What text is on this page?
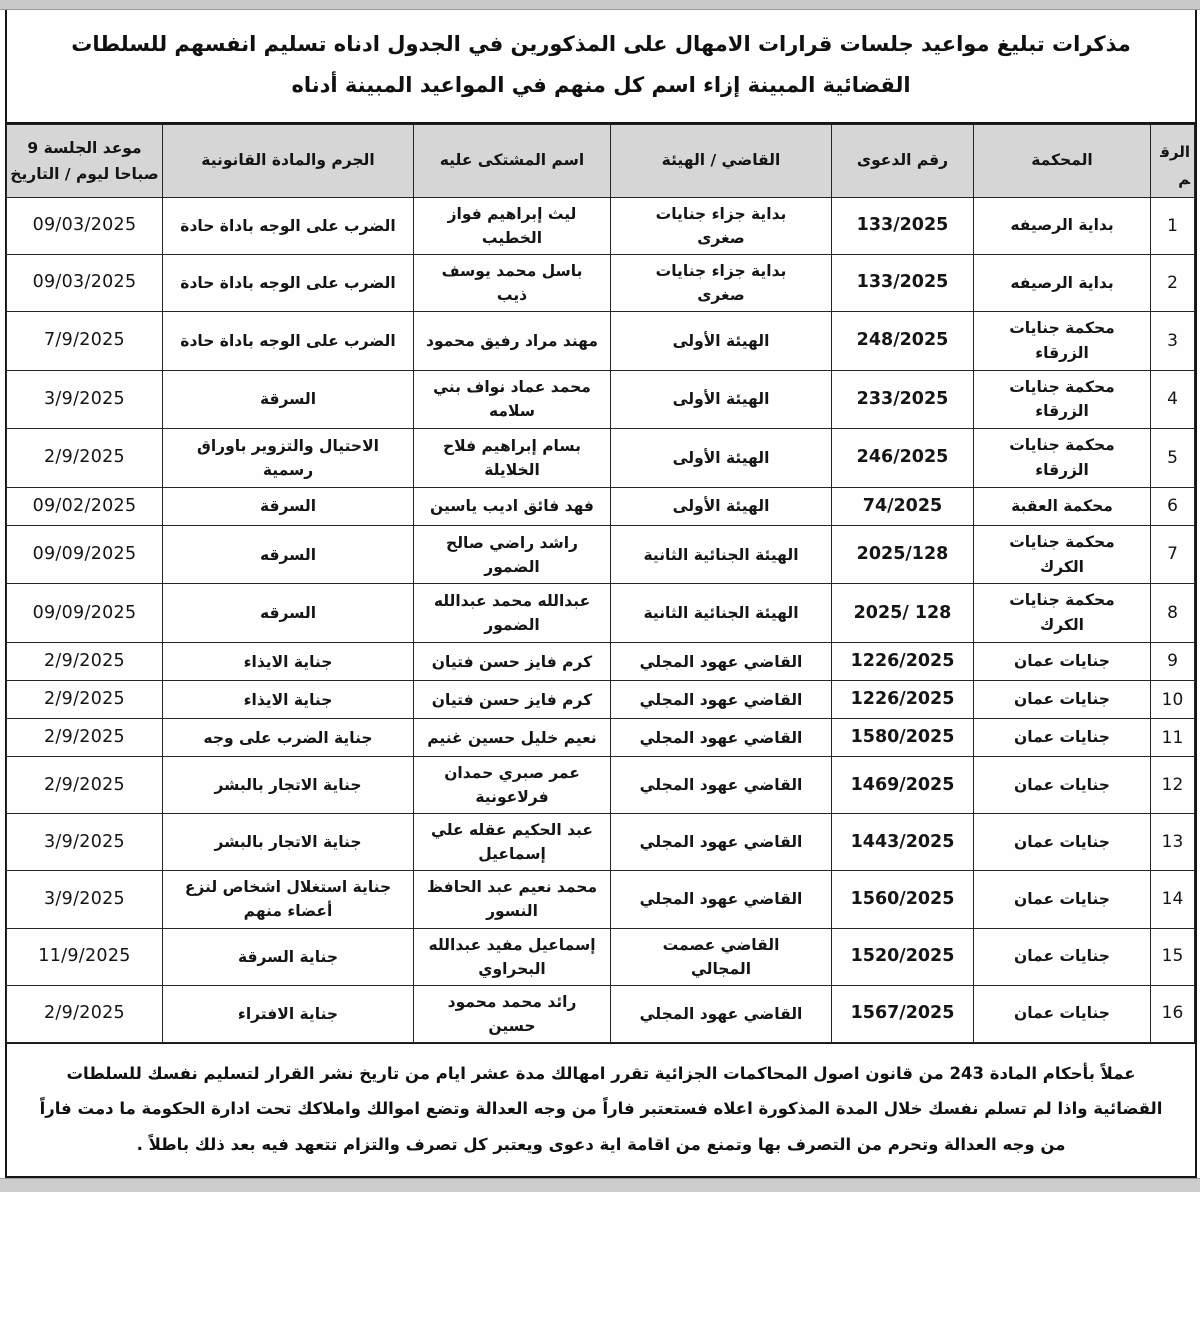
مذكرات تبليغ مواعيد جلسات قرارات الامهال على المذكورين في الجدول ادناه تسليم انفسهم للسلطات القضائية المبينة إزاء اسم كل منهم في المواعيد المبينة أدناه
الرقم	المحكمة	رقم الدعوى	القاضي / الهيئة	اسم المشتكى عليه	الجرم والمادة القانونية	موعد الجلسة 9 صباحا ليوم / التاريخ
1	بداية الرصيفه	133/2025	بداية جزاء جنايات صغرى	ليث إبراهيم فواز الخطيب	الضرب على الوجه باداة حادة	09/03/2025
2	بداية الرصيفه	133/2025	بداية جزاء جنايات صغرى	باسل محمد يوسف ذيب	الضرب على الوجه باداة حادة	09/03/2025
3	محكمة جنايات الزرقاء	248/2025	الهيئة الأولى	مهند مراد رفيق محمود	الضرب على الوجه باداة حادة	7/9/2025
4	محكمة جنايات الزرقاء	233/2025	الهيئة الأولى	محمد عماد نواف بني سلامه	السرقة	3/9/2025
5	محكمة جنايات الزرقاء	246/2025	الهيئة الأولى	بسام إبراهيم فلاح الخلايلة	الاحتيال والتزوير باوراق رسمية	2/9/2025
6	محكمة العقبة	74/2025	الهيئة الأولى	فهد فائق اديب ياسين	السرقة	09/02/2025
7	محكمة جنايات الكرك	2025/128	الهيئة الجنائية الثانية	راشد راضي صالح الضمور	السرقه	09/09/2025
8	محكمة جنايات الكرك	2025/ 128	الهيئة الجنائية الثانية	عبدالله محمد عبدالله الضمور	السرقه	09/09/2025
9	جنايات عمان	1226/2025	القاضي عهود المجلي	كرم فايز حسن فتيان	جناية الايذاء	2/9/2025
10	جنايات عمان	1226/2025	القاضي عهود المجلي	كرم فايز حسن فتيان	جناية الايذاء	2/9/2025
11	جنايات عمان	1580/2025	القاضي عهود المجلي	نعيم خليل حسين غنيم	جناية الضرب على وجه	2/9/2025
12	جنايات عمان	1469/2025	القاضي عهود المجلي	عمر صبري حمدان فرلاعونية	جناية الاتجار بالبشر	2/9/2025
13	جنايات عمان	1443/2025	القاضي عهود المجلي	عبد الحكيم عقله علي إسماعيل	جناية الاتجار بالبشر	3/9/2025
14	جنايات عمان	1560/2025	القاضي عهود المجلي	محمد نعيم عبد الحافظ النسور	جناية استغلال اشخاص لنزع أعضاء منهم	3/9/2025
15	جنايات عمان	1520/2025	القاضي عصمت المجالي	إسماعيل مفيد عبدالله البحراوي	جناية السرقة	11/9/2025
16	جنايات عمان	1567/2025	القاضي عهود المجلي	رائد محمد محمود حسين	جناية الافتراء	2/9/2025
عملاً بأحكام المادة 243 من قانون اصول المحاكمات الجزائية تقرر امهالك مدة عشر ايام من تاريخ نشر القرار لتسليم نفسك للسلطات القضائية واذا لم تسلم نفسك خلال المدة المذكورة اعلاه فستعتبر فاراً من وجه العدالة وتضع اموالك واملاكك تحت ادارة الحكومة ما دمت فاراً من وجه العدالة وتحرم من التصرف بها وتمنع من اقامة اية دعوى ويعتبر كل تصرف والتزام تتعهد فيه بعد ذلك باطلاً .
